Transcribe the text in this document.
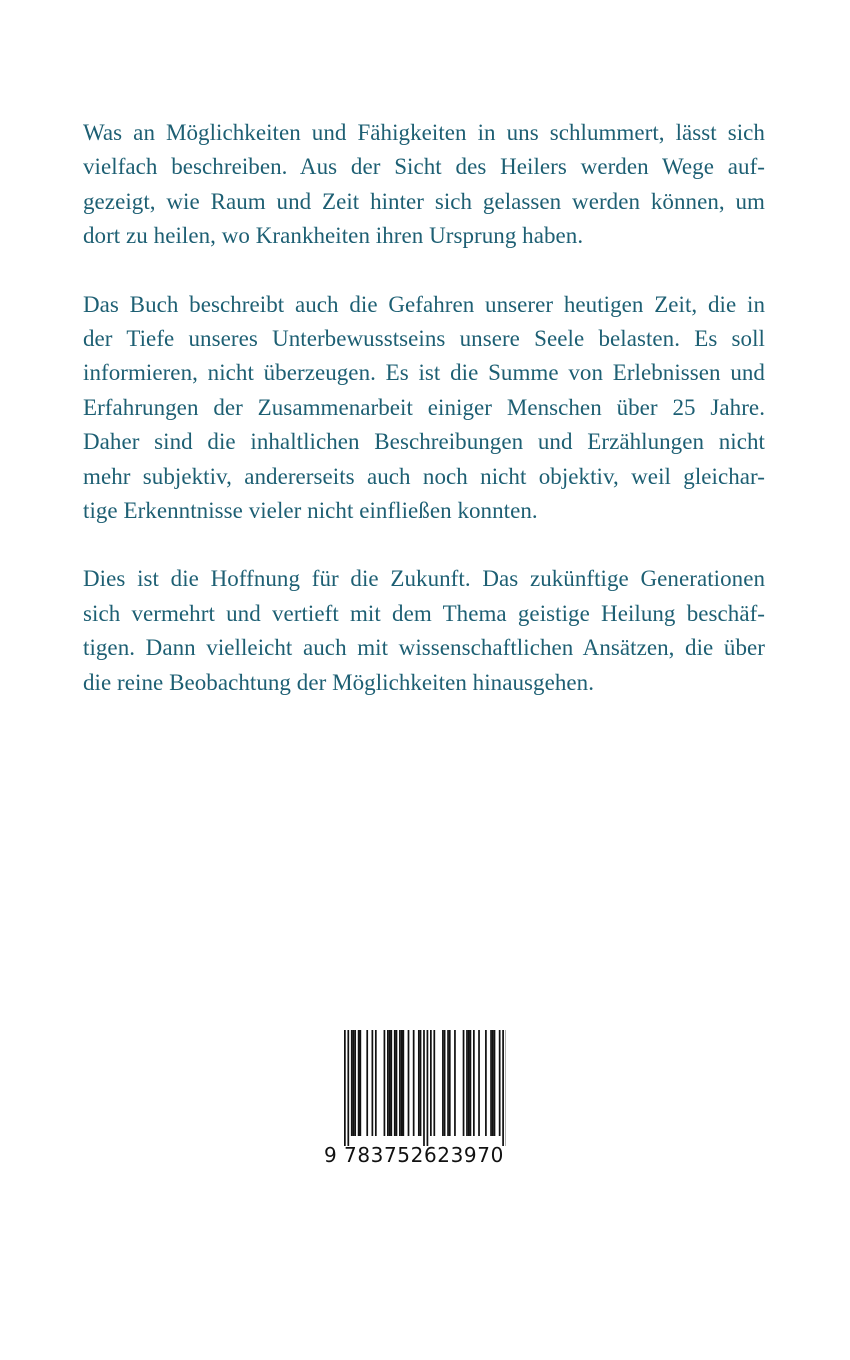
Was an Möglichkeiten und Fähigkeiten in uns schlummert, lässt sich
vielfach beschreiben. Aus der Sicht des Heilers werden Wege auf-
gezeigt, wie Raum und Zeit hinter sich gelassen werden können, um
dort zu heilen, wo Krankheiten ihren Ursprung haben.
Das Buch beschreibt auch die Gefahren unserer heutigen Zeit, die in
der Tiefe unseres Unterbewusstseins unsere Seele belasten. Es soll
informieren, nicht überzeugen. Es ist die Summe von Erlebnissen und
Erfahrungen der Zusammenarbeit einiger Menschen über 25 Jahre.
Daher sind die inhaltlichen Beschreibungen und Erzählungen nicht
mehr subjektiv, andererseits auch noch nicht objektiv, weil gleichar-
tige Erkenntnisse vieler nicht einfließen konnten.
Dies ist die Hoffnung für die Zukunft. Das zukünftige Generationen
sich vermehrt und vertieft mit dem Thema geistige Heilung beschäf-
tigen. Dann vielleicht auch mit wissenschaftlichen Ansätzen, die über
die reine Beobachtung der Möglichkeiten hinausgehen.
9 783752623970
